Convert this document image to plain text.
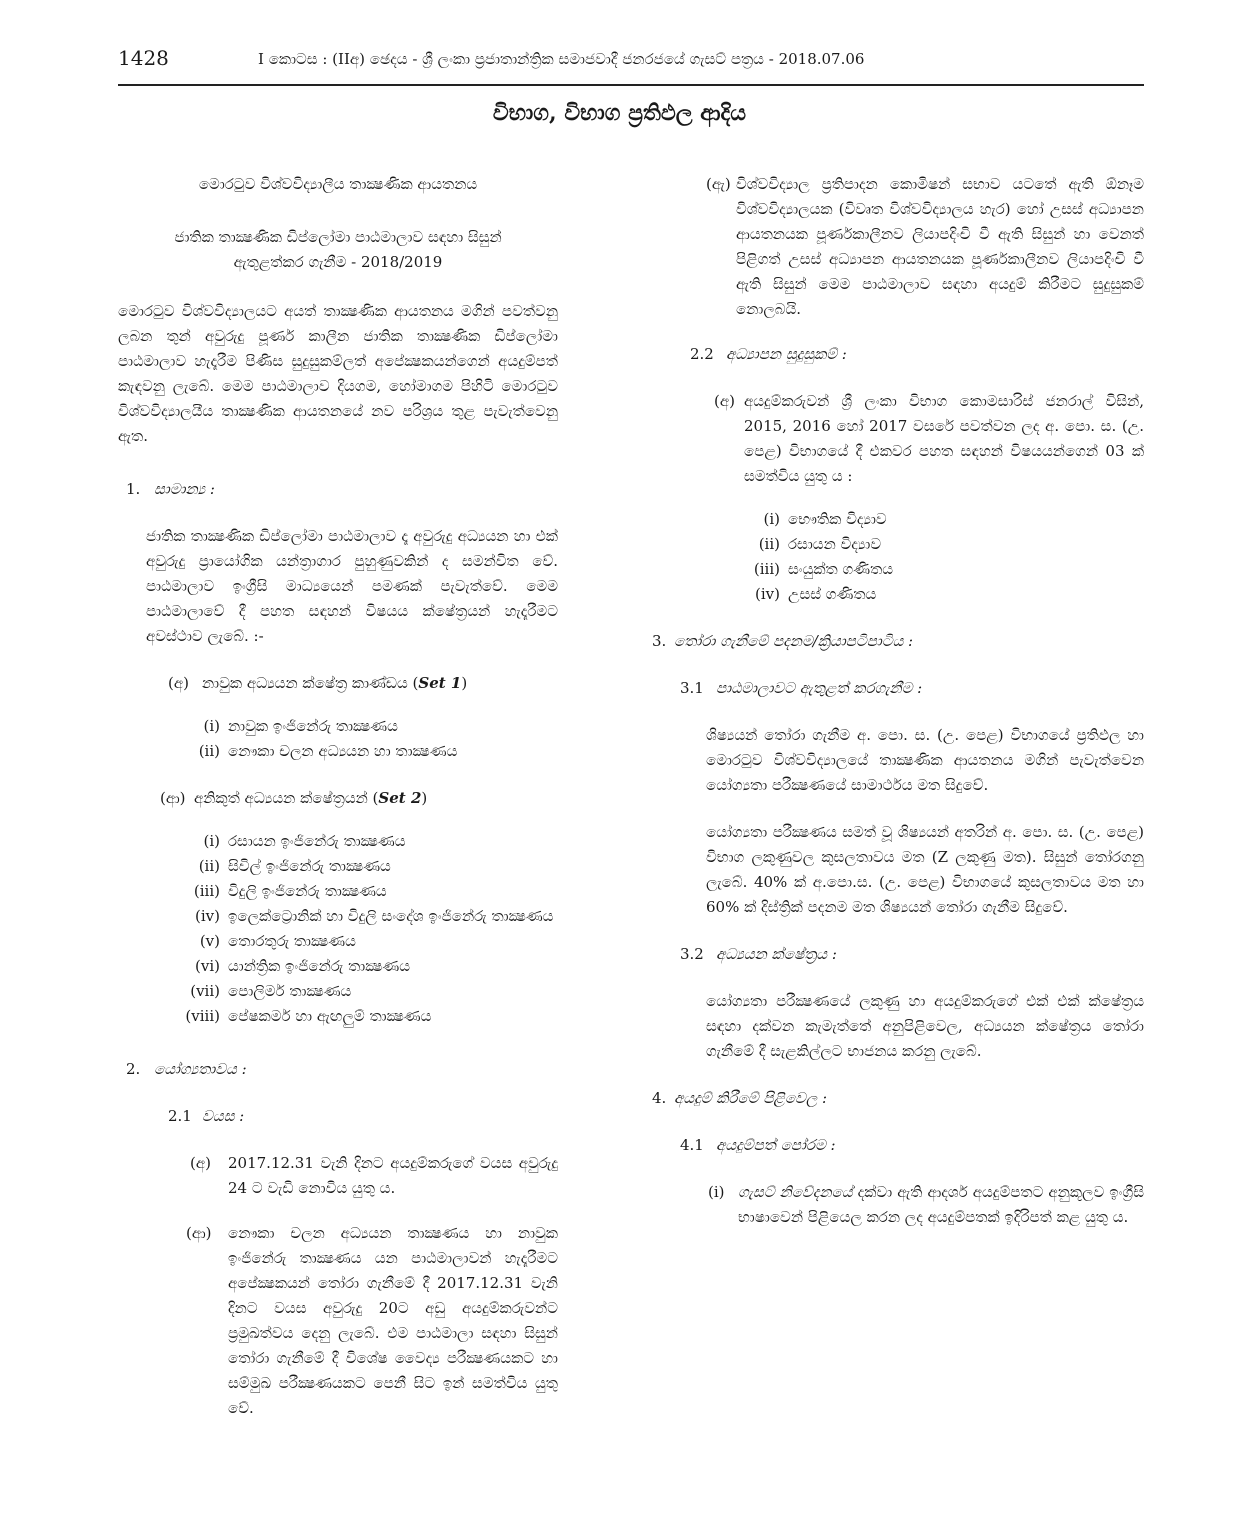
1428	I කොටස : (IIඅ) ඡෙදය - ශ්‍රී ලංකා ප්‍රජාතාන්ත්‍රික සමාජවාදී ජනරජයේ ගැසට් පත්‍රය - 2018.07.06
විභාග, විභාග ප්‍රතිඵල ආදිය

මොරටුව විශ්වවිද්‍යාලීය තාක්‍ෂණික ආයතනය

ජාතික තාක්‍ෂණික ඩිප්ලෝමා පාඨමාලාව සඳහා සිසුන්

ඇතුළත්කර ගැනීම - 2018/2019

මොරටුව විශ්වවිද්‍යාලයට අයත් තාක්‍ෂණික ආයතනය මගින් පවත්වනු ලබන තුන් අවුරුදු පූර්ණ කාලීන ජාතික තාක්‍ෂණික ඩිප්ලෝමා පාඨමාලාව හැදෑරීම පිණිස සුදුසුකම්ලත් අපේක්‍ෂකයන්ගෙන් අයදුම්පත් කැඳවනු ලැබේ. මෙම පාඨමාලාව දියගම, හෝමාගම පිහිටි මොරටුව විශ්වවිද්‍යාලයීය තාක්‍ෂණික ආයතනයේ නව පරිශ්‍රය තුළ පැවැත්වෙනු ඇත.

1. සාමාන්‍ය :

ජාතික තාක්‍ෂණික ඩිප්ලෝමා පාඨමාලාව දෑ අවුරුදු අධ්‍යයන හා එක් අවුරුදු ප්‍රායෝගික යන්ත්‍රාගාර පුහුණුවකින් ද සමන්විත වේ. පාඨමාලාව ඉංග්‍රීසි මාධ්‍යයෙන් පමණක් පැවැත්වේ. මෙම පාඨමාලාවේ දී පහත සඳහන් විෂයය ක්ෂේත්‍රයන් හැදෑරීමට අවස්ථාව ලැබේ. :-

(අ) නාවුක අධ්‍යයන ක්ෂේත්‍ර කාණ්ඩය (Set 1)
(i) නාවුක ඉංජිනේරු තාක්‍ෂණය
(ii) නෞකා චලන අධ්‍යයන හා තාක්‍ෂණය
(ආ) අනිකුත් අධ්‍යයන ක්ෂේත්‍රයන් (Set 2)
(i) රසායන ඉංජිනේරු තාක්‍ෂණය
(ii) සිවිල් ඉංජිනේරු තාක්‍ෂණය
(iii) විදුලි ඉංජිනේරු තාක්‍ෂණය
(iv) ඉලෙක්ට්‍රොනික් හා විදුලි සංදේශ ඉංජිනේරු තාක්‍ෂණය
(v) තොරතුරු තාක්‍ෂණය
(vi) යාන්ත්‍රික ඉංජිනේරු තාක්‍ෂණය
(vii) පොලිමර් තාක්‍ෂණය
(viii) පේෂකර්ම හා ඇඟලුම් තාක්‍ෂණය
2. යෝග්‍යතාවය :
2.1 වයස :
(අ)	2017.12.31 වැනි දිනට අයදුම්කරුගේ වයස අවුරුදු 24 ට වැඩි නොවිය යුතු ය.
(ආ)	නෞකා චලන අධ්‍යයන තාක්‍ෂණය හා නාවුක ඉංජිනේරු තාක්‍ෂණය යන පාඨමාලාවන් හැදෑරීමට අපේක්‍ෂකයන් තෝරා ගැනීමේ දී 2017.12.31 වැනි දිනට වයස අවුරුදු 20ට අඩු අයදුම්කරුවන්ට ප්‍රමුඛත්වය දෙනු ලැබේ. එම පාඨමාලා සඳහා සිසුන් තෝරා ගැනීමේ දී විශේෂ වෛද්‍ය පරීක්‍ෂණයකට හා සම්මුඛ පරීක්‍ෂණයකට පෙනී සිට ඉන් සමත්විය යුතු වේ.
(ඇ) විශ්වවිද්‍යාල ප්‍රතිපාදන කොමිෂන් සභාව යටතේ ඇති ඕනෑම විශ්වවිද්‍යාලයක (විවෘත විශ්වවිද්‍යාලය හැර) හෝ උසස් අධ්‍යාපන ආයතනයක පූර්ණකාලීනව ලියාපදිංචි වී ඇති සිසුන් හා වෙනත් පිළිගත් උසස් අධ්‍යාපන ආයතනයක පූර්ණකාලීනව ලියාපදිංචි වී ඇති සිසුන් මෙම පාඨමාලාව සඳහා අයදුම් කිරීමට සුදුසුකම් නොලබයි.
2.2 අධ්‍යාපන සුදුසුකම් :
(අ) අයදුම්කරුවන් ශ්‍රී ලංකා විභාග කොමසාරිස් ජනරාල් විසින්, 2015, 2016 හෝ 2017 වසරේ පවත්වන ලද අ. පො. ස. (උ. පෙළ) විභාගයේ දී එකවර පහත සඳහන් විෂයයන්ගෙන් 03 ක් සමත්විය යුතු ය :
(i) භෞතික විද්‍යාව
(ii) රසායන විද්‍යාව
(iii) සංයුක්ත ගණිතය
(iv) උසස් ගණිතය
3. තෝරා ගැනීමේ පදනම/ක්‍රියාපටිපාටිය :
3.1 පාඨමාලාවට ඇතුළත් කරගැනීම :

ශිෂ්‍යයන් තෝරා ගැනීම අ. පො. ස. (උ. පෙළ) විභාගයේ ප්‍රතිඵල හා මොරටුව විශ්වවිද්‍යාලයේ තාක්‍ෂණික ආයතනය මගින් පැවැත්වෙන යෝග්‍යතා පරීක්‍ෂණයේ සාමාර්ථය මත සිදුවේ.

යෝග්‍යතා පරීක්‍ෂණය සමත් වූ ශිෂ්‍යයන් අතරින් අ. පො. ස. (උ. පෙළ) විභාග ලකුණුවල කුසලතාවය මත (Z ලකුණු මත). සිසුන් තෝරගනු ලැබේ. 40% ක් අ.පො.ස. (උ. පෙළ) විභාගයේ කුසලතාවය මත හා 60% ක් දිස්ත්‍රික් පදනම මත ශිෂ්‍යයන් තෝරා ගැනීම සිදුවේ.

3.2 අධ්‍යයන ක්ෂේත්‍රය :

යෝග්‍යතා පරීක්‍ෂණයේ ලකුණු හා අයදුම්කරුගේ එක් එක් ක්ෂේත්‍රය සඳහා දක්වන කැමැත්තේ අනුපිළිවෙල, අධ්‍යයන ක්ෂේත්‍රය තෝරා ගැනීමේ දී සැළකිල්ලට භාජනය කරනු ලැබේ.

4. අයදුම් කිරීමේ පිළිවෙල :
4.1 අයදුම්පත් පෝරම :
(i) ගැසට් නිවේදනයේ දක්වා ඇති ආදර්ශ අයදුම්පතට අනුකූලව ඉංග්‍රීසි භාෂාවෙන් පිළියෙල කරන ලද අයදුම්පතක් ඉදිරිපත් කළ යුතු ය.
